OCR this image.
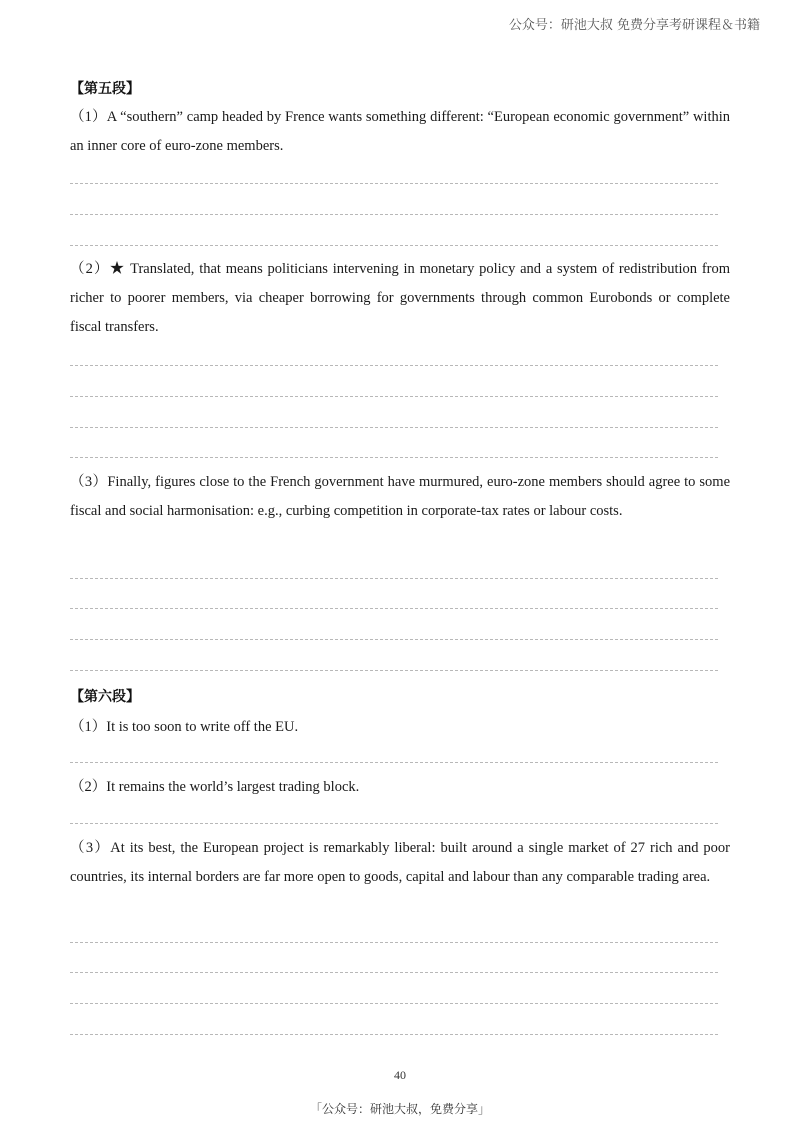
公众号：研池大叔 免费分享考研课程＆书籍
【第五段】
（1）A “southern” camp headed by Frence wants something different: “European economic government” within an inner core of euro-zone members.
（2）★ Translated, that means politicians intervening in monetary policy and a system of redistribution from richer to poorer members, via cheaper borrowing for governments through common Eurobonds or complete fiscal transfers.
（3）Finally, figures close to the French government have murmured, euro-zone members should agree to some fiscal and social harmonisation: e.g., curbing competition in corporate-tax rates or labour costs.
【第六段】
（1）It is too soon to write off the EU.
（2）It remains the world’s largest trading block.
（3）At its best, the European project is remarkably liberal: built around a single market of 27 rich and poor countries, its internal borders are far more open to goods, capital and labour than any comparable trading area.
40
「公众号：研池大叔，免费分享」
